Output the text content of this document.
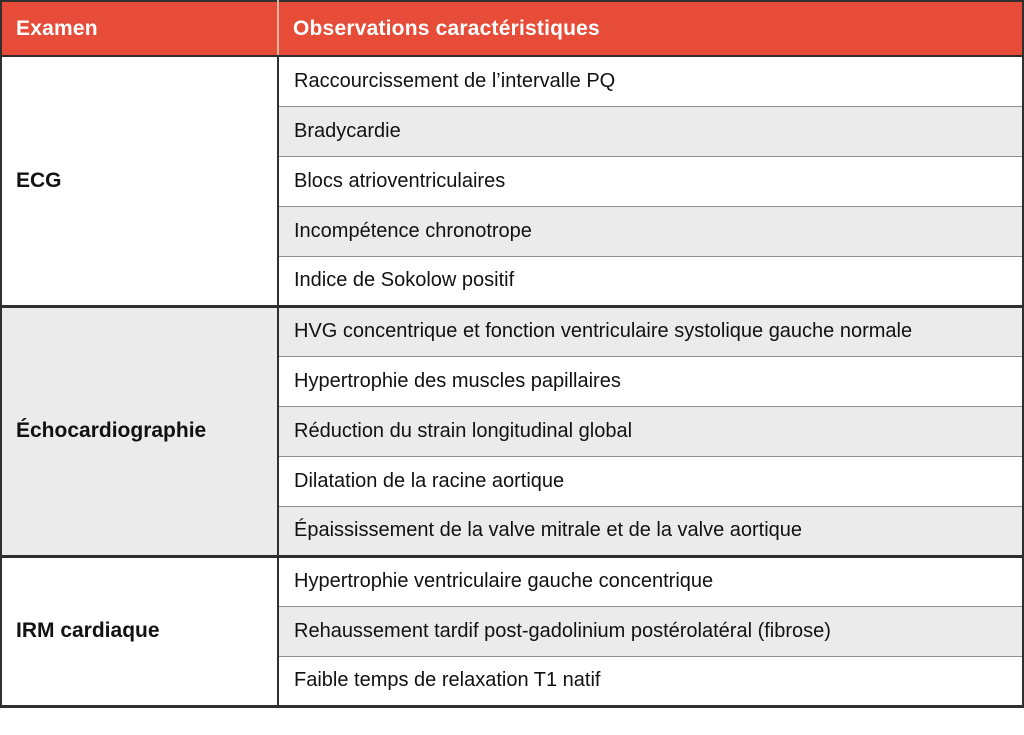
Examen	Observations caractéristiques
ECG	Raccourcissement de l’intervalle PQ
	Bradycardie
	Blocs atrioventriculaires
	Incompétence chronotrope
	Indice de Sokolow positif
Échocardiographie	HVG concentrique et fonction ventriculaire systolique gauche normale
	Hypertrophie des muscles papillaires
	Réduction du strain longitudinal global
	Dilatation de la racine aortique
	Épaississement de la valve mitrale et de la valve aortique
IRM cardiaque	Hypertrophie ventriculaire gauche concentrique
	Rehaussement tardif post-gadolinium postérolatéral (fibrose)
	Faible temps de relaxation T1 natif
